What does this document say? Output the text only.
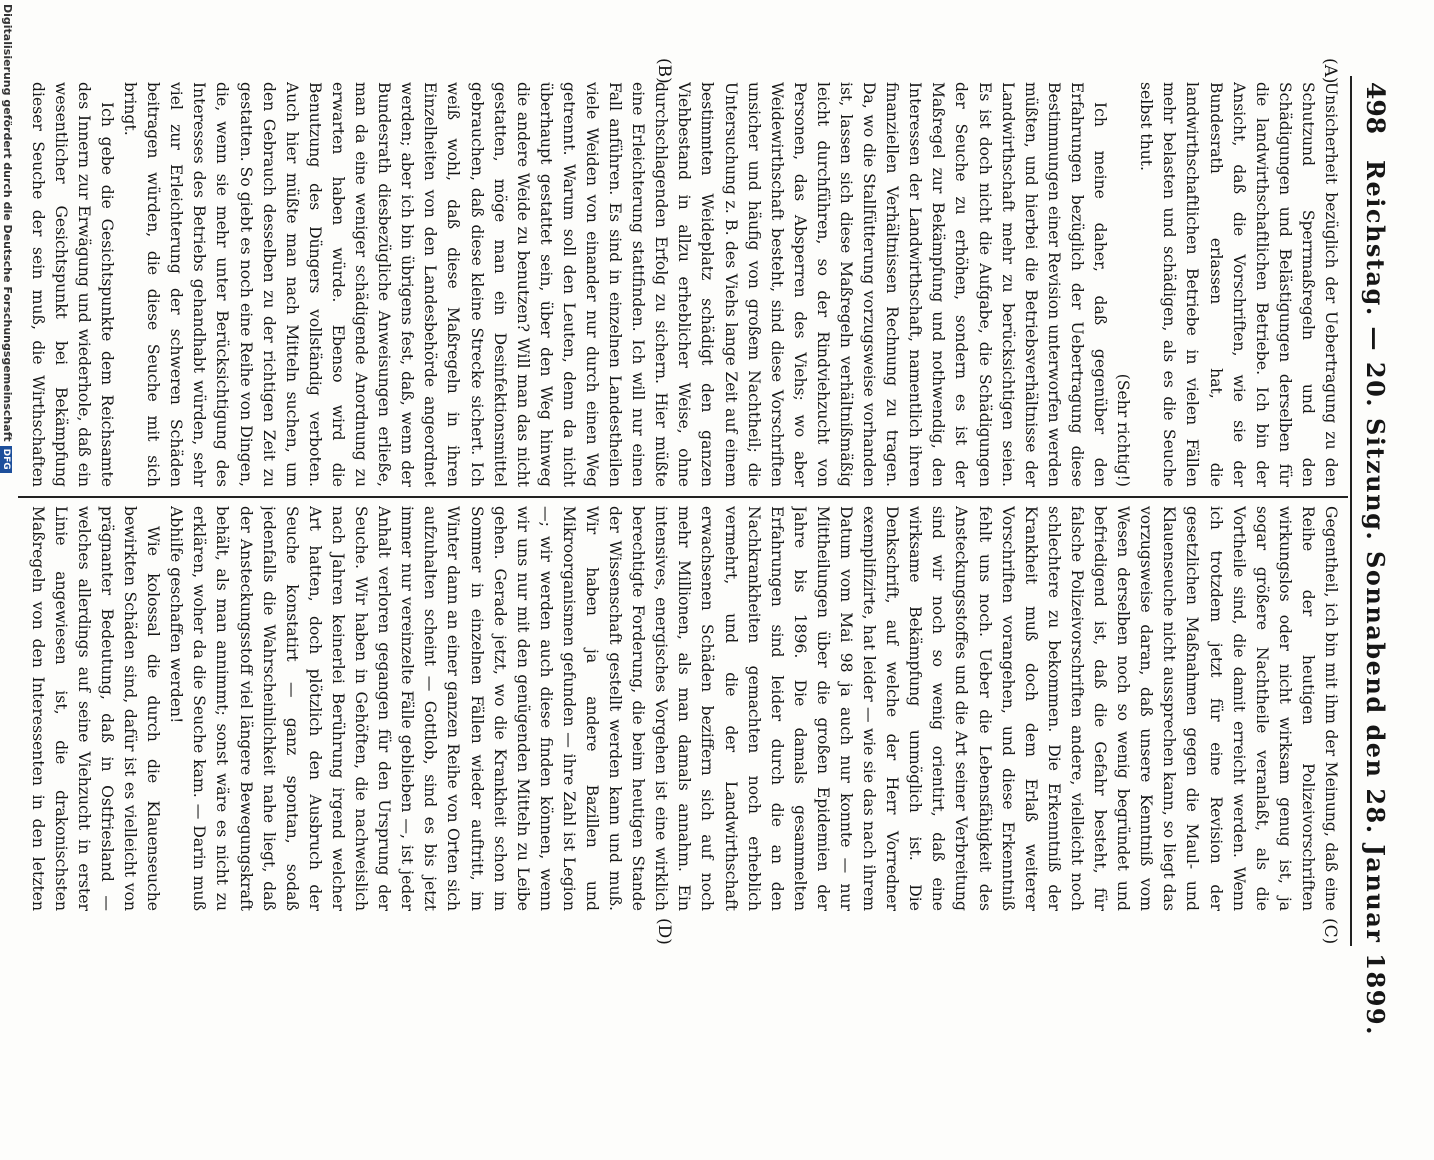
498
Reichstag. — 20. Sitzung. Sonnabend den 28. Januar 1899.
(A)
(B)
(C)
(D)

Unsicherheit bezüglich der Uebertragung zu den Schutzund Sperrmaßregeln und den Schädigungen und Belästigungen derselben für die landwirthschaftlichen Betriebe. Ich bin der Ansicht, daß die Vorschriften, wie sie der Bundesrath erlassen hat, die landwirthschaftlichen Betriebe in vielen Fällen mehr belasten und schädigen, als es die Seuche selbst thut.

(Sehr richtig!)

Ich meine daher, daß gegenüber den Erfahrungen bezüglich der Uebertragung diese Bestimmungen einer Revision unterworfen werden müßten, und hierbei die Betriebsverhältnisse der Landwirthschaft mehr zu berücksichtigen seien. Es ist doch nicht die Aufgabe, die Schädigungen der Seuche zu erhöhen, sondern es ist der Maßregel zur Bekämpfung und nothwendig, den Interessen der Landwirthschaft, namentlich ihren finanziellen Verhältnissen Rechnung zu tragen. Da, wo die Stallfütterung vorzugsweise vorhanden ist, lassen sich diese Maßregeln verhältnißmäßig leicht durchführen, so der Rindviehzucht von Personen, das Absperren des Viehs; wo aber Weidewirthschaft besteht, sind diese Vorschriften unsicher und häufig von großem Nachtheil; die Untersuchung z. B. des Viehs lange Zeit auf einem bestimmten Weideplatz schädigt den ganzen Viehbestand in allzu erheblicher Weise, ohne durchschlagenden Erfolg zu sichern. Hier müßte eine Erleichterung stattfinden. Ich will nur einen Fall anführen. Es sind in einzelnen Landestheilen viele Weiden von einander nur durch einen Weg getrennt. Warum soll den Leuten, denn da nicht überhaupt gestattet sein, über den Weg hinweg die andere Weide zu benutzen? Will man das nicht gestatten, möge man ein Desinfektionsmittel gebrauchen, daß diese kleine Strecke sichert. Ich weiß wohl, daß diese Maßregeln in ihren Einzelheiten von den Landesbehörde angeordnet werden; aber ich bin übrigens fest, daß, wenn der Bundesrath diesbezügliche Anweisungen erließe, man da eine weniger schädigende Anordnung zu erwarten haben würde. Ebenso wird die Benutzung des Düngers vollständig verboten. Auch hier müßte man nach Mitteln suchen, um den Gebrauch desselben zu der richtigen Zeit zu gestatten. So giebt es noch eine Reihe von Dingen, die, wenn sie mehr unter Berücksichtigung des Interesses des Betriebs gehandhabt würden, sehr viel zur Erleichterung der schweren Schäden beitragen würden, die diese Seuche mit sich bringt.

Ich gebe die Gesichtspunkte dem Reichsamte des Innern zur Erwägung und wiederhole, daß ein wesentlicher Gesichtspunkt bei Bekämpfung dieser Seuche der sein muß, die Wirthschaften

Gegentheil, ich bin mit ihm der Meinung, daß eine Reihe der heutigen Polizeivorschriften wirkungslos oder nicht wirksam genug ist, ja sogar größere Nachtheile veranlaßt, als die Vortheile sind, die damit erreicht werden. Wenn ich trotzdem jetzt für eine Revision der gesetzlichen Maßnahmen gegen die Maul- und Klauenseuche nicht aussprechen kann, so liegt das vorzugsweise daran, daß unsere Kenntniß vom Wesen derselben noch so wenig begründet und befriedigend ist, daß die Gefahr besteht, für falsche Polizeivorschriften andere, vielleicht noch schlechtere zu bekommen. Die Erkenntniß der Krankheit muß doch dem Erlaß weiterer Vorschriften vorangehen, und diese Erkenntniß fehlt uns noch. Ueber die Lebensfähigkeit des Ansteckungsstoffes und die Art seiner Verbreitung sind wir noch so wenig orientirt, daß eine wirksame Bekämpfung unmöglich ist. Die Denkschrift, auf welche der Herr Vorredner exemplifizirte, hat leider — wie sie das nach ihrem Datum vom Mai 98 ja auch nur konnte — nur Mittheilungen über die großen Epidemien der Jahre bis 1896. Die damals gesammelten Erfahrungen sind leider durch die an den Nachkrankheiten gemachten noch erheblich vermehrt, und die der Landwirthschaft erwachsenen Schäden beziffern sich auf noch mehr Millionen, als man damals annahm. Ein intensives, energisches Vorgehen ist eine wirklich berechtigte Forderung, die beim heutigen Stande der Wissenschaft gestellt werden kann und muß. Wir haben ja andere Bazillen und Mikroorganismen gefunden — ihre Zahl ist Legion —; wir werden auch diese finden können, wenn wir uns nur mit den genügenden Mitteln zu Leibe gehen. Gerade jetzt, wo die Krankheit schon im Sommer in einzelnen Fällen wieder auftritt, im Winter dann an einer ganzen Reihe von Orten sich aufzuhalten scheint — Gottlob, sind es bis jetzt immer nur vereinzelte Fälle geblieben —, ist jeder Anhalt verloren gegangen für den Ursprung der Seuche. Wir haben in Gehöften, die nachweislich nach Jahren keinerlei Berührung irgend welcher Art hatten, doch plötzlich den Ausbruch der Seuche konstatirt — ganz spontan, sodaß jedenfalls die Wahrscheinlichkeit nahe liegt, daß der Ansteckungsstoff viel längere Bewegungskraft behält, als man annimmt; sonst wäre es nicht zu erklären, woher da die Seuche kam. — Darin muß Abhilfe geschaffen werden!

Wie kolossal die durch die Klauenseuche bewirkten Schäden sind, dafür ist es vielleicht von prägnanter Bedeutung, daß in Ostfriesland — welches allerdings auf seine Viehzucht in erster Linie angewiesen ist, die drakonischsten Maßregeln von den Interessenten in den letzten

Digitalisierung gefördert durch die Deutsche ForschungsgemeinschaftDFG
